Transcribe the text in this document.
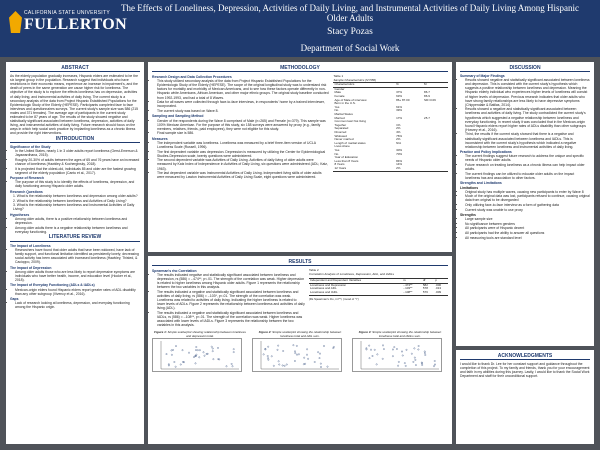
CALIFORNIA STATE UNIVERSITY
FULLERTON
The Effects of Loneliness, Depression, Activities of Daily Living, and Instrumental Activities of Daily Living Among Hispanic Older Adults
Stacy Pozas
Department of Social Work
ABSTRACT

As the elderly population gradually increases, Hispanic elders are estimated to be the six largest group in the population. Research suggest that individuals who have restrictions in their economic means, experience an increase in impairment's, and the death of peers in the same generation are cause higher risk for loneliness. The objective of the study is to explore the effects loneliness has on depression, activities of daily living, and instrumental activities of daily living. The current study is a secondary analysis of the data from Project Hispanic Established Populations for the Epidemiologic Study of the Elderly (HEPESE). Participants completed face to face interviews and questionnaires surveys. The current study's sample size was 586 (215 males and 371 females). The average age of participants in the current study estimated to be 87 years of age. The results of the study showed negative and statistically significant associated between loneliness, depression, activities of daily living, and instrumental activities of daily living. Future research should focus on the ways in which help social work practice by implanting loneliness as a chronic illness and provide the right interventions.

INTRODUCTION
Significance of the Study
• In the United States, nearly 1 in 3 older adults report loneliness (Gerst-Emerson & Jayawardhana, 2015).
• Roughly 20-30% of adults between the ages of 65 and 76 years have an increased chance of loneliness (Hawkley & Kocherginsky, 2018).
• It is projected that the oldest-old, individuals 85 and older are the fastest growing segment of the elderly population (Cantu et al., 2017).
Purpose of Research
• The purpose of this study is to identify the effects of loneliness, depression, and daily functioning among Hispanic older adults.
Research Questions
1. What is the relationship between loneliness and depression among older adults?
2. What is the relationship between loneliness and Activities of Daily Living?
3. What is the relationship between loneliness and Instrumental Activities of Daily Living?
Hypotheses
• Among older adults, there is a positive relationship between loneliness and depression.
• Among older adults there is a negative relationship between loneliness and everyday functioning.
LITERATURE REVIEW
The Impact of Loneliness
• Researchers have found that older adults that have been widowed, have lack of family support, and functional limitation identified as persistently lonely; decreasing social activity has been associated with increased loneliness (Hawkley, Thisted, & Cacioppo, 2009).
The Impact of Depression
• Among older adults those who are less likely to report depressive symptoms are individuals who have better health, income, and education level (Hooker et al., 2018).
The Impact of Everyday Functioning (ADLs & IADLs)
• Mexican-origin elders found Hispanic elders report greater rates of ADL disability than any other subgroup (Vivency et al., 2016).
Gaps
• Lack of research looking at loneliness, depression, and everyday functioning among the Hispanic origin.
METHODOLOGY
Research Design and Data Collection Procedures
• This study utilized secondary analysis of the data from Project Hispanic Established Populations for the Epidemiologic Study of the Elderly (HEPESE). The scope of the original longitudinal study was to understand risk factors for mortality and morbidity of Mexican Americans, and to see how these factors operate differently in non-Hispanic white Americans, African American, and other major ethnic groups. The original study baseline conducted from 1992-1993, and had a total of 8 Waves.
• Data for all waves were collected through face-to-face interviews, in respondents' home by a trained interviewer, incorporated.
• The current study was based on Wave 8.
Sampling and Sampling Method
• Gender of the respondents during the Wave 8 comprised of Male (n=265) and Female (n=379). This sample was 100% Mexican American. For the purpose of this study, six 158 surveys were answered by proxy (e.g., family members, relatives, friends, paid employees), they were not eligible for this study.
• Final sample size is 586.
Measures
• The independent variable was loneliness. Loneliness was measured by a brief three-item version of UCLA Loneliness Scale (Russell, 1996).
• The first dependent variable was depression. Depression is measured by utilizing the Center for Epidemiological Studies-Depression scale, twenty questions were administered.
• The second dependent variable was Activities of Daily Living. Activities of daily living of older adults were measured by Katz Index of Independence in Activities of Daily Living, six questions were administered (ADL; Katz, 1963).
• The last dependent variable was Instrumental Activities of Daily Living. Independent living skills of older adults were measured by Lawton Instrumental Activities of Daily Living Scale, eight questions were administered.
Table 1
Sample Characteristics (N=586)
Characteristics	%	M
Gender		
Male	37%	86.7
Female	63%	86.9
Age of Male of interview	86+ 87.00	SD=3.09
Born in the U.S.		
Yes	61%	
No	39%	
Marital Status		
Married	17%	25.7
Common law/ Not living		
Together	1%	
Separated	2%	
Divorced	4%	
Widowed	76%	
Never married	2%	
Length of marital status	N/A	
Lives Alone		
Yes	30%	
No	70%	
Year of Education		
Less than 8 Years	84%	
8 Years	14%	
12 Years	2%	
RESULTS
Spearman's rho Correlation
• The results indicated negative and statistically significant associated between loneliness and depression, rs (586) = -.474**, p<.01. The strength of the correlation was weak. Higher depression is related to higher loneliness among Hispanic older adults. Figure 1 represents the relationship between the two variables in this analysis.
• The results indicated a negative and statistically significant associated between loneliness and activities of daily living, rs (586) = -.103*, p<.01. The strength of the correlation was weak. Loneliness was related to activities of daily living. Indicating the higher loneliness is related to lower levels of ADLs. Figure 2 represents the relationship between loneliness and activities of daily living (ADL).
• The results indicated a negative and statistically significant associated between loneliness and IADLs, rs (586) = -.108**, p<.01. The strength of the correlation was weak. Higher loneliness was associated with lower levels of IADLs. Figure 3 represents the relationship between the two variables in this analysis.
Table 2
Correlation Analysis of Loneliness, Depression, ADL, and IADLs
Independent and Dependent Variables	rs	df	p
Loneliness and Depression	-.474**	582	.000
Loneliness and ADL	-.103**	578	.013
Loneliness and IADL	-.108**	576	.009
(Rs Spearman's rho, rm**r, (mood of "r")
Figure 1: Simple scatterplot showing relationship between loneliness and depression total.
Figure 2: Simple scatterplot showing the relationship between loneliness total and ADL sum.
Figure 3: Simple scatterplot showing the relationship between loneliness total and IADLs sum.
DISCUSSION
Summary of Major Findings
• Results showed negative and statistically significant associated between loneliness and depression. This is consisted with the current study's hypothesis which suggests a positive relationship between loneliness and depression. Meaning the Hispanic elderly individual who experiences higher levels of loneliness will consist of higher levels of depression. Previous research indicates that older adults who have strong family relationships are less likely to have depressive symptoms (Chippendale & Batilas, 2014).
• Results showed a negative and statistically significant associated between loneliness and activities of daily living. The study contradicted the current study's hypothesis which suggested a negative relationship between loneliness and everyday functioning. In recent study it was concluded that in the Mexican-origin found Hispanic elders report higher rates of ADLs disability than other subgroups (Howrey et al., 2016).
• Third, the results if the current study showed that there is a negative and statistically significant associated between loneliness and IADLs. This is inconsistent with the current study's hypothesis which indicated a negative relationship between loneliness and instrumental activities of daily living.
Practice and Policy Implications
• The current findings suggest future research to address the unique and specific needs of Hispanic older adults.
• Future research on treating loneliness as a chronic illness can help impact older adults.
• The current findings can be utilized to educate older adults on the impact loneliness has and association to other factors.
Strengths and Limitations
Limitations
• Original study has multiple waves, causing new participants to enter by Wave 8
• Much of the original data was lost, participants refused to continue, causing original data from original to be disregarded
• Only utilizing face-to-face interview as a form of gathering data
• Current study was unable to use proxy
Strengths
• Large sample size
• No significance between genders
• All participants were of Hispanic decent
• All participants had the ability to answer all questions
• All measuring tools are standard level
ACKNOWLEDGMENTS

I would like to thank Dr. Lee for her constant support and guidance throughout the completion of this project. To my family and friends, thank you for your encouragement and faith in my abilities during this journey. Lastly, I would like to thank the Social Work Department and staff for their unconditional support.
